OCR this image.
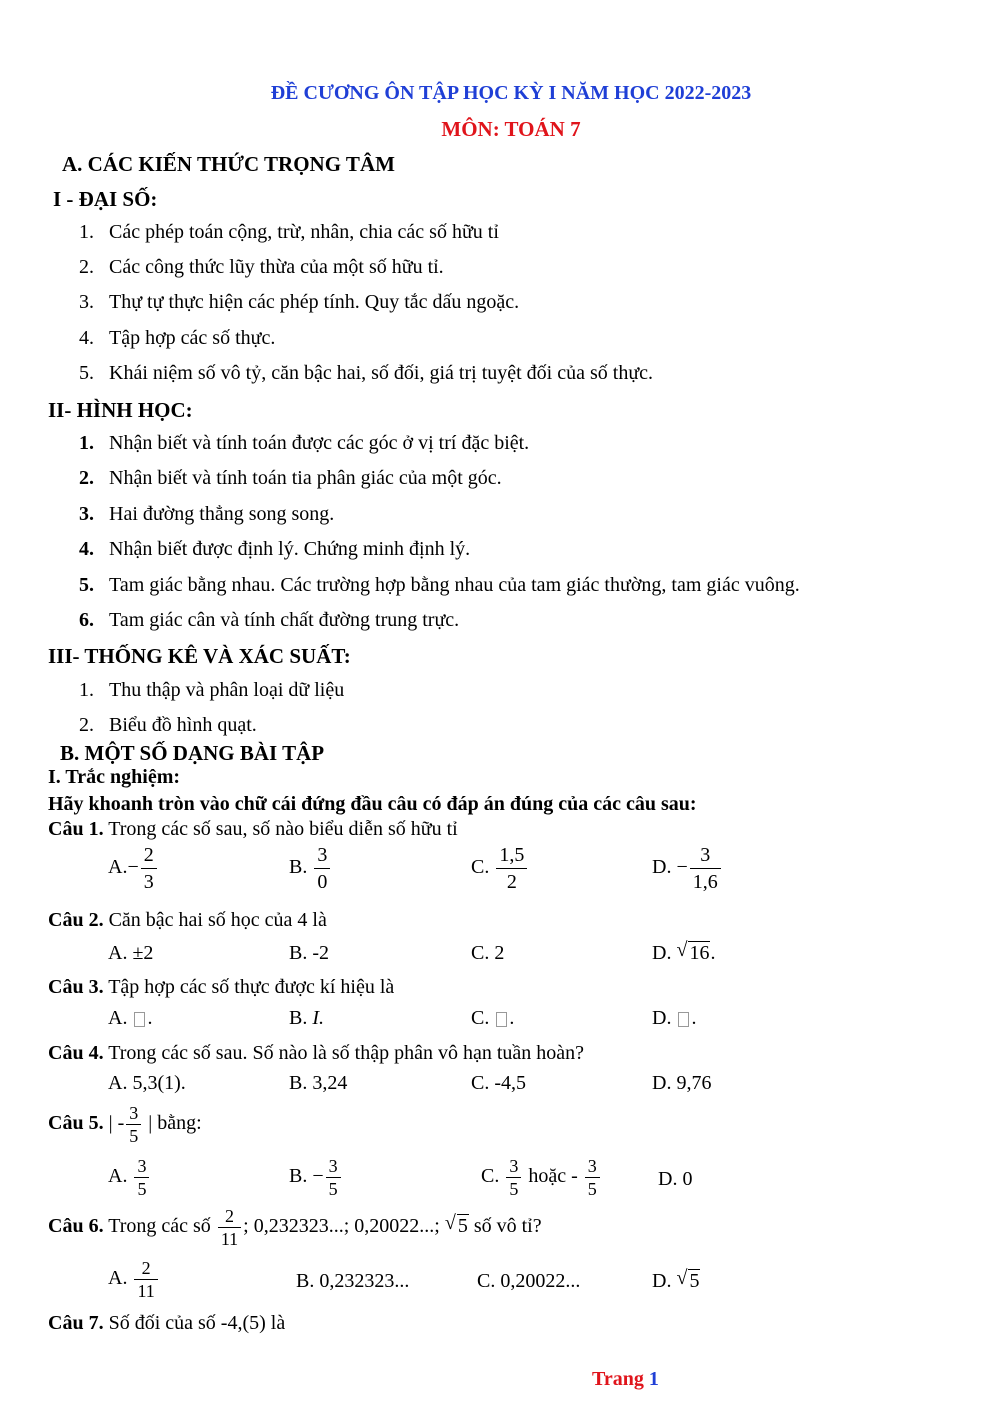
ĐỀ CƯƠNG ÔN TẬP HỌC KỲ I NĂM HỌC 2022-2023
MÔN: TOÁN 7
A. CÁC KIẾN THỨC TRỌNG TÂM
I - ĐẠI SỐ:
1. Các phép toán cộng, trừ, nhân, chia các số hữu tỉ
2. Các công thức lũy thừa của một số hữu tỉ.
3. Thự tự thực hiện các phép tính. Quy tắc dấu ngoặc.
4. Tập hợp các số thực.
5. Khái niệm số vô tỷ, căn bậc hai, số đối, giá trị tuyệt đối của số thực.
II- HÌNH HỌC:
1. Nhận biết và tính toán được các góc ở vị trí đặc biệt.
2. Nhận biết và tính toán tia phân giác của một góc.
3. Hai đường thẳng song song.
4. Nhận biết được định lý. Chứng minh định lý.
5. Tam giác bằng nhau. Các trường hợp bằng nhau của tam giác thường, tam giác vuông.
6. Tam giác cân và tính chất đường trung trực.
III- THỐNG KÊ VÀ XÁC SUẤT:
1. Thu thập và phân loại dữ liệu
2. Biểu đồ hình quạt.
B. MỘT SỐ DẠNG BÀI TẬP
I. Trắc nghiệm:
Hãy khoanh tròn vào chữ cái đứng đầu câu có đáp án đúng của các câu sau:
Câu 1. Trong các số sau, số nào biểu diễn số hữu tỉ
$A.- \frac{2}{3}$	B. $\frac{3}{0}$	C. $\frac{1,5}{2}$	D. − $\frac{3}{1,6}$
Câu 2. Căn bậc hai số học của 4 là
A. ±2	B. -2	C. 2	D. √ 16.
Câu 3. Tập hợp các số thực được kí hiệu là
A. .	B. I.	C. .	D. .
Câu 4. Trong các số sau. Số nào là số thập phân vô hạn tuần hoàn?
A. 5,3(1).	B. 3,24	C. -4,5	D. 9,76
Câu 5. | - $\frac{3}{5}$ | bằng:
A. $\frac{3}{5}$	B. − $\frac{3}{5}$	C. $\frac{3}{5}$ hoặc - $\frac{3}{5}$	D. 0
Câu 6. Trong các số $\frac{2}{11}$ ; 0,232323...; 0,20022...; √ 5 số vô tỉ?
A. $\frac{2}{11}$	B. 0,232323...	C. 0,20022...	D. √ 5
Câu 7. Số đối của số -4,(5) là
Trang 1
